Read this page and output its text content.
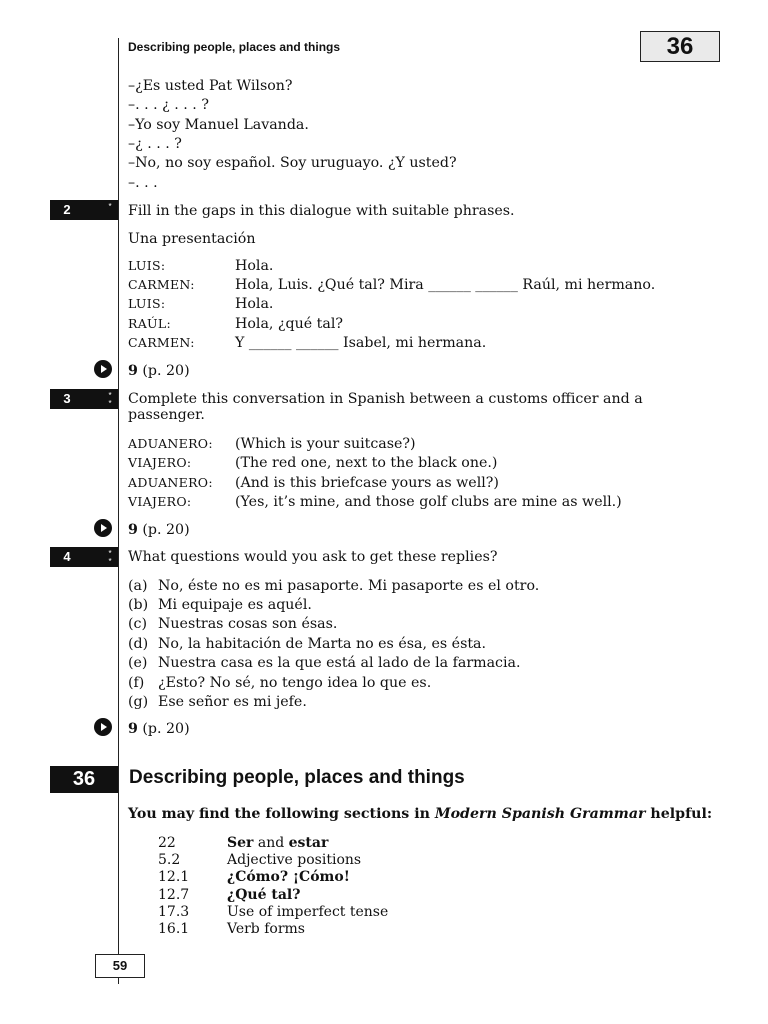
Describing people, places and things	36
–¿Es usted Pat Wilson?
–. . . ¿ . . . ?
–Yo soy Manuel Lavanda.
–¿ . . . ?
–No, no soy español. Soy uruguayo. ¿Y usted?
–. . .
2	* Fill in the gaps in this dialogue with suitable phrases.
Una presentación
LUIS:	Hola.
CARMEN:	Hola, Luis. ¿Qué tal? Mira ______ ______ Raúl, mi hermano.
LUIS:	Hola.
RAÚL:	Hola, ¿qué tal?
CARMEN:	Y ______ ______ Isabel, mi hermana.
9 (p. 20)
3	*
* Complete this conversation in Spanish between a customs officer and a
passenger.
ADUANERO: (Which is your suitcase?)
VIAJERO:	(The red one, next to the black one.)
ADUANERO: (And is this briefcase yours as well?)
VIAJERO:	(Yes, it’s mine, and those golf clubs are mine as well.)
9 (p. 20)
4	*
* What questions would you ask to get these replies?
(a) No, éste no es mi pasaporte. Mi pasaporte es el otro.
(b) Mi equipaje es aquél.
(c) Nuestras cosas son ésas.
(d) No, la habitación de Marta no es ésa, es ésta.
(e) Nuestra casa es la que está al lado de la farmacia.
(f) ¿Esto? No sé, no tengo idea lo que es.
(g) Ese señor es mi jefe.
9 (p. 20)
36	Describing people, places and things
You may find the following sections in Modern Spanish Grammar helpful:
22	Ser and estar
5.2	Adjective positions
12.1	¿Cómo? ¡Cómo!
12.7	¿Qué tal?
17.3	Use of imperfect tense
16.1	Verb forms
59
